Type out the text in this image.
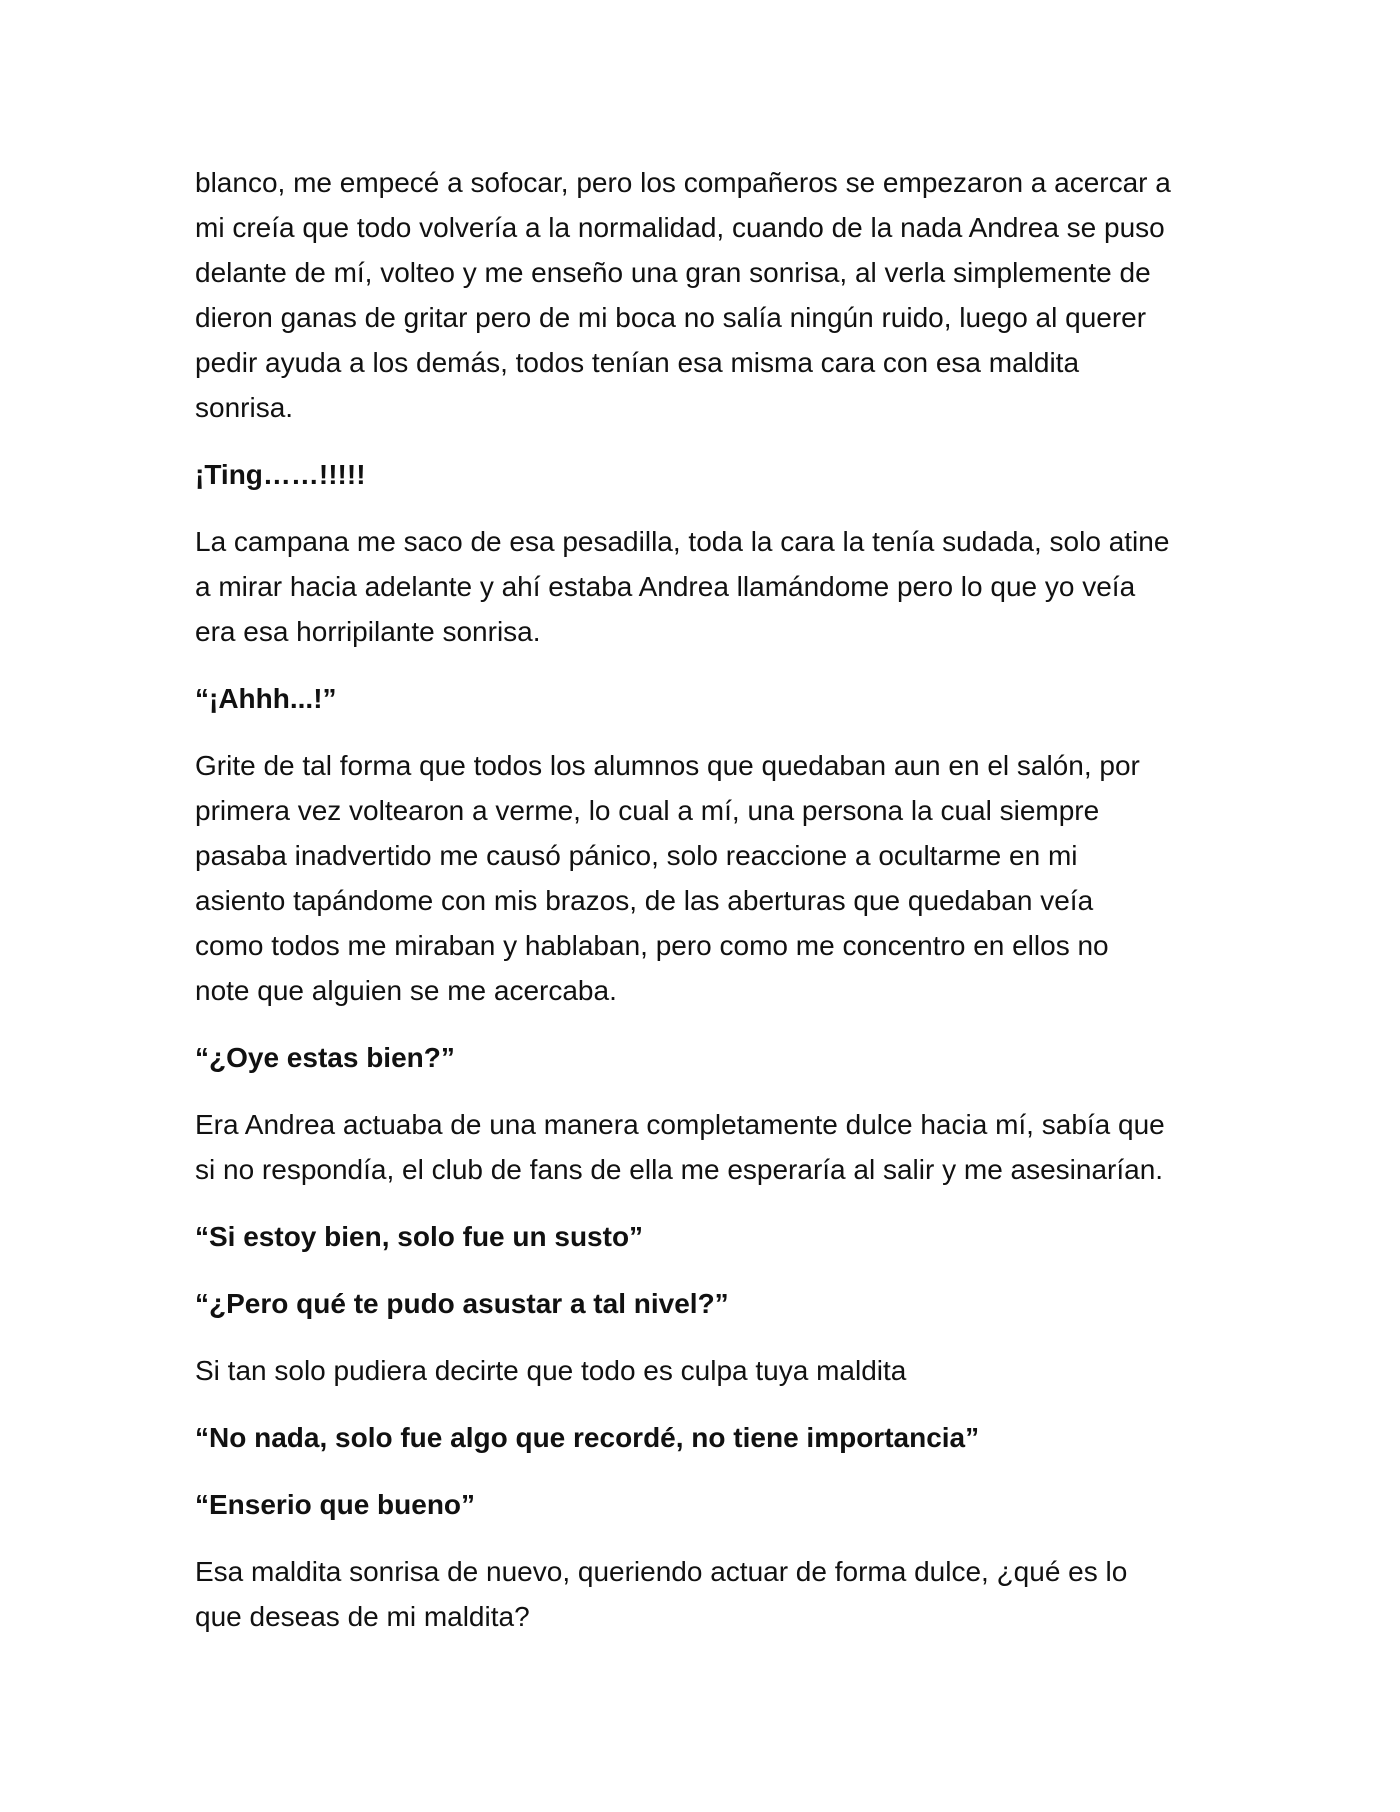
blanco, me empecé a sofocar, pero los compañeros se empezaron a acercar a
mi creía que todo volvería a la normalidad, cuando de la nada Andrea se puso
delante de mí, volteo y me enseño una gran sonrisa, al verla simplemente de
dieron ganas de gritar pero de mi boca no salía ningún ruido, luego al querer
pedir ayuda a los demás, todos tenían esa misma cara con esa maldita
sonrisa.
¡Ting……!!!!!
La campana me saco de esa pesadilla, toda la cara la tenía sudada, solo atine
a mirar hacia adelante y ahí estaba Andrea llamándome pero lo que yo veía
era esa horripilante sonrisa.
“¡Ahhh...!”
Grite de tal forma que todos los alumnos que quedaban aun en el salón, por
primera vez voltearon a verme, lo cual a mí, una persona la cual siempre
pasaba inadvertido me causó pánico, solo reaccione a ocultarme en mi
asiento tapándome con mis brazos, de las aberturas que quedaban veía
como todos me miraban y hablaban, pero como me concentro en ellos no
note que alguien se me acercaba.
“¿Oye estas bien?”
Era Andrea actuaba de una manera completamente dulce hacia mí, sabía que
si no respondía, el club de fans de ella me esperaría al salir y me asesinarían.
“Si estoy bien, solo fue un susto”
“¿Pero qué te pudo asustar a tal nivel?”
Si tan solo pudiera decirte que todo es culpa tuya maldita
“No nada, solo fue algo que recordé, no tiene importancia”
“Enserio que bueno”
Esa maldita sonrisa de nuevo, queriendo actuar de forma dulce, ¿qué es lo
que deseas de mi maldita?
